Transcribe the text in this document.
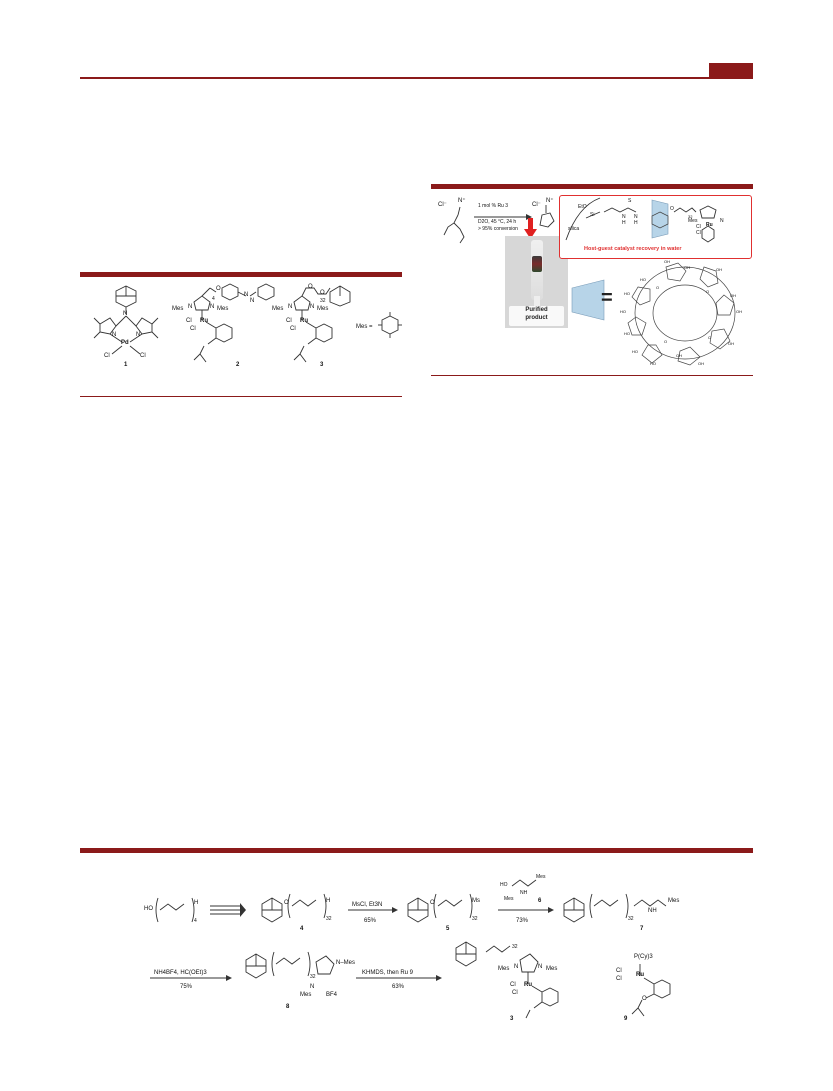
N
N	N
Pd
Cl	Cl
1
Mes N	N Mes
4
O
N
N
Ru
Cl
Cl
2
Mes N	N Mes
O
O
32
Ru
Cl
Cl
3
Mes =
Cl⁻
N⁺
1 mol % Ru 3
D2O, 45 °C, 24 h
> 95% conversion
Cl⁻
N⁺
Purified
product
EtO
Si
silica
S
N
H
N
H
O
32
Mes	N
Ru
Cl
Cl
Host-guest catalyst recovery in water
=
OH
OH	OH
HO
HO	OH
OH
HO
O
O
O
OH
HO
OH
HO
OH
O
HO
HO
4
H	O	H
32
4
MsCl, Et3N
65%
O	Ms
32
5
HO
Mes
NH
Mes	6
73%	32
NH
Mes
7
NH4BF4, HC(OEt)3
75%
32
N–Mes
N
Mes BF4
8
KHMDS, then Ru 9
63%
32
Mes N	N Mes
Ru
Cl
Cl
3
P(Cy)3
Cl
Cl
Ru
O
9
